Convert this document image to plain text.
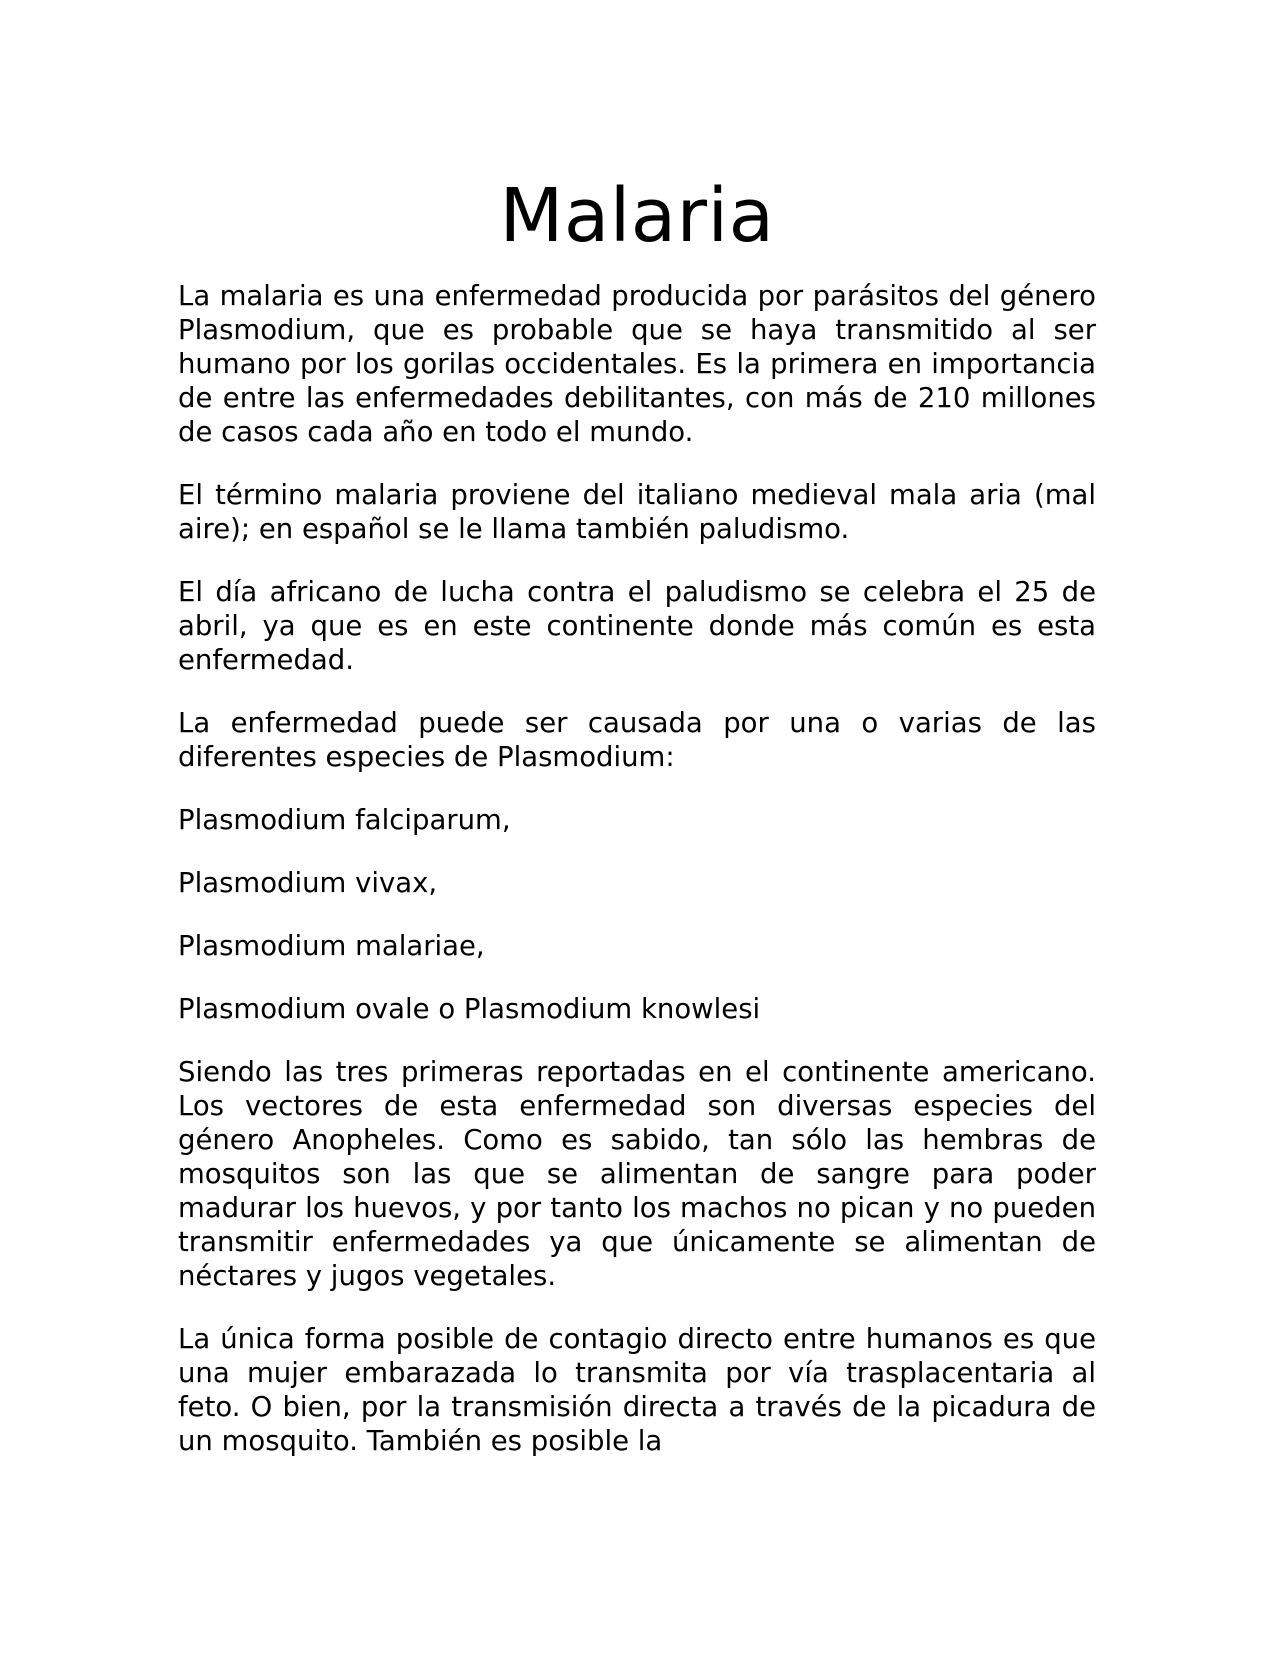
Malaria

La malaria es una enfermedad producida por parásitos del género Plasmodium, que es probable que se haya transmitido al ser humano por los gorilas occidentales. Es la primera en importancia de entre las enfermedades debilitantes, con más de 210 millones de casos cada año en todo el mundo.

El término malaria proviene del italiano medieval mala aria (mal aire); en español se le llama también paludismo.

El día africano de lucha contra el paludismo se celebra el 25 de abril, ya que es en este continente donde más común es esta enfermedad.

La enfermedad puede ser causada por una o varias de las diferentes especies de Plasmodium:

Plasmodium falciparum,

Plasmodium vivax,

Plasmodium malariae,

Plasmodium ovale o Plasmodium knowlesi

Siendo las tres primeras reportadas en el continente americano. Los vectores de esta enfermedad son diversas especies del género Anopheles. Como es sabido, tan sólo las hembras de mosquitos son las que se alimentan de sangre para poder madurar los huevos, y por tanto los machos no pican y no pueden transmitir enfermedades ya que únicamente se alimentan de néctares y jugos vegetales.

La única forma posible de contagio directo entre humanos es que una mujer embarazada lo transmita por vía trasplacentaria al feto. O bien, por la transmisión directa a través de la picadura de un mosquito. También es posible la
